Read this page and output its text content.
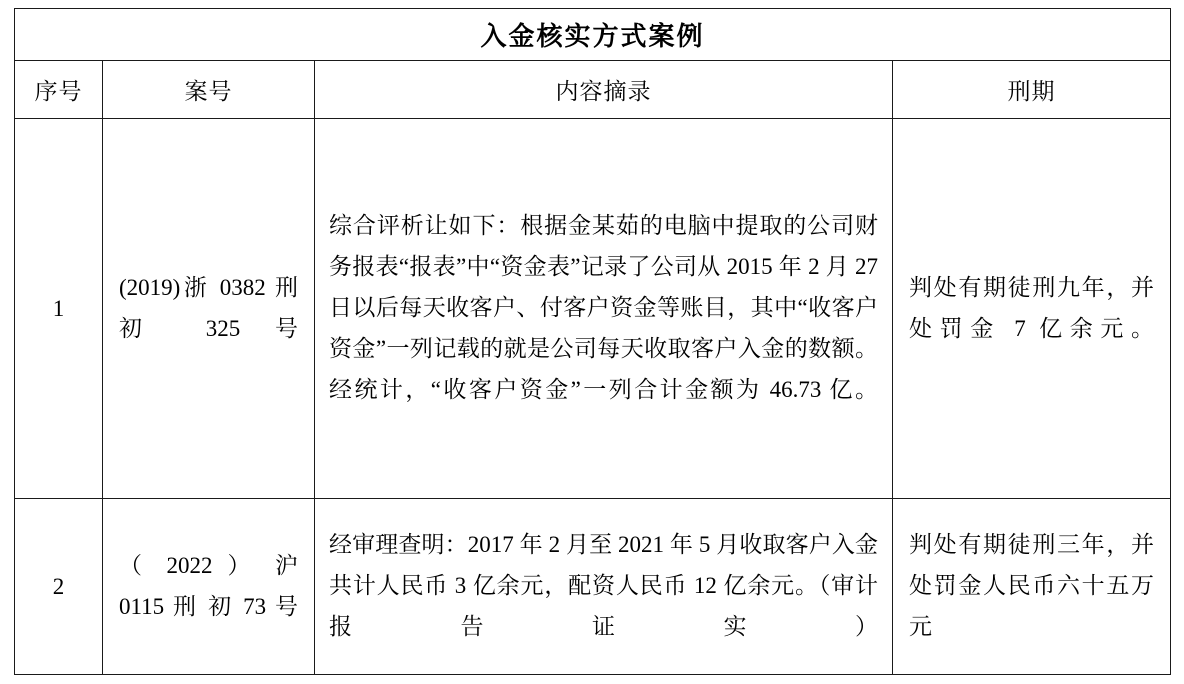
入金核实方式案例			
序号	案号	内容摘录	刑期
1	(2019)浙 0382 刑初 325 号	综合评析让如下：根据金某茹的电脑中提取的公司财务报表“报表”中“资金表”记录了公司从 2015 年 2 月 27 日以后每天收客户、付客户资金等账目，其中“收客户资金”一列记载的就是公司每天收取客户入金的数额。经统计，“收客户资金”一列合计金额为 46.73 亿。	判处有期徒刑九年，并处罚金 7 亿余元。
2	（ 2022 ） 沪 0115 刑 初 73 号	经审理查明：2017 年 2 月至 2021 年 5 月收取客户入金共计人民币 3 亿余元，配资人民币 12 亿余元。（审计报告证实）	判处有期徒刑三年，并处罚金人民币六十五万元
